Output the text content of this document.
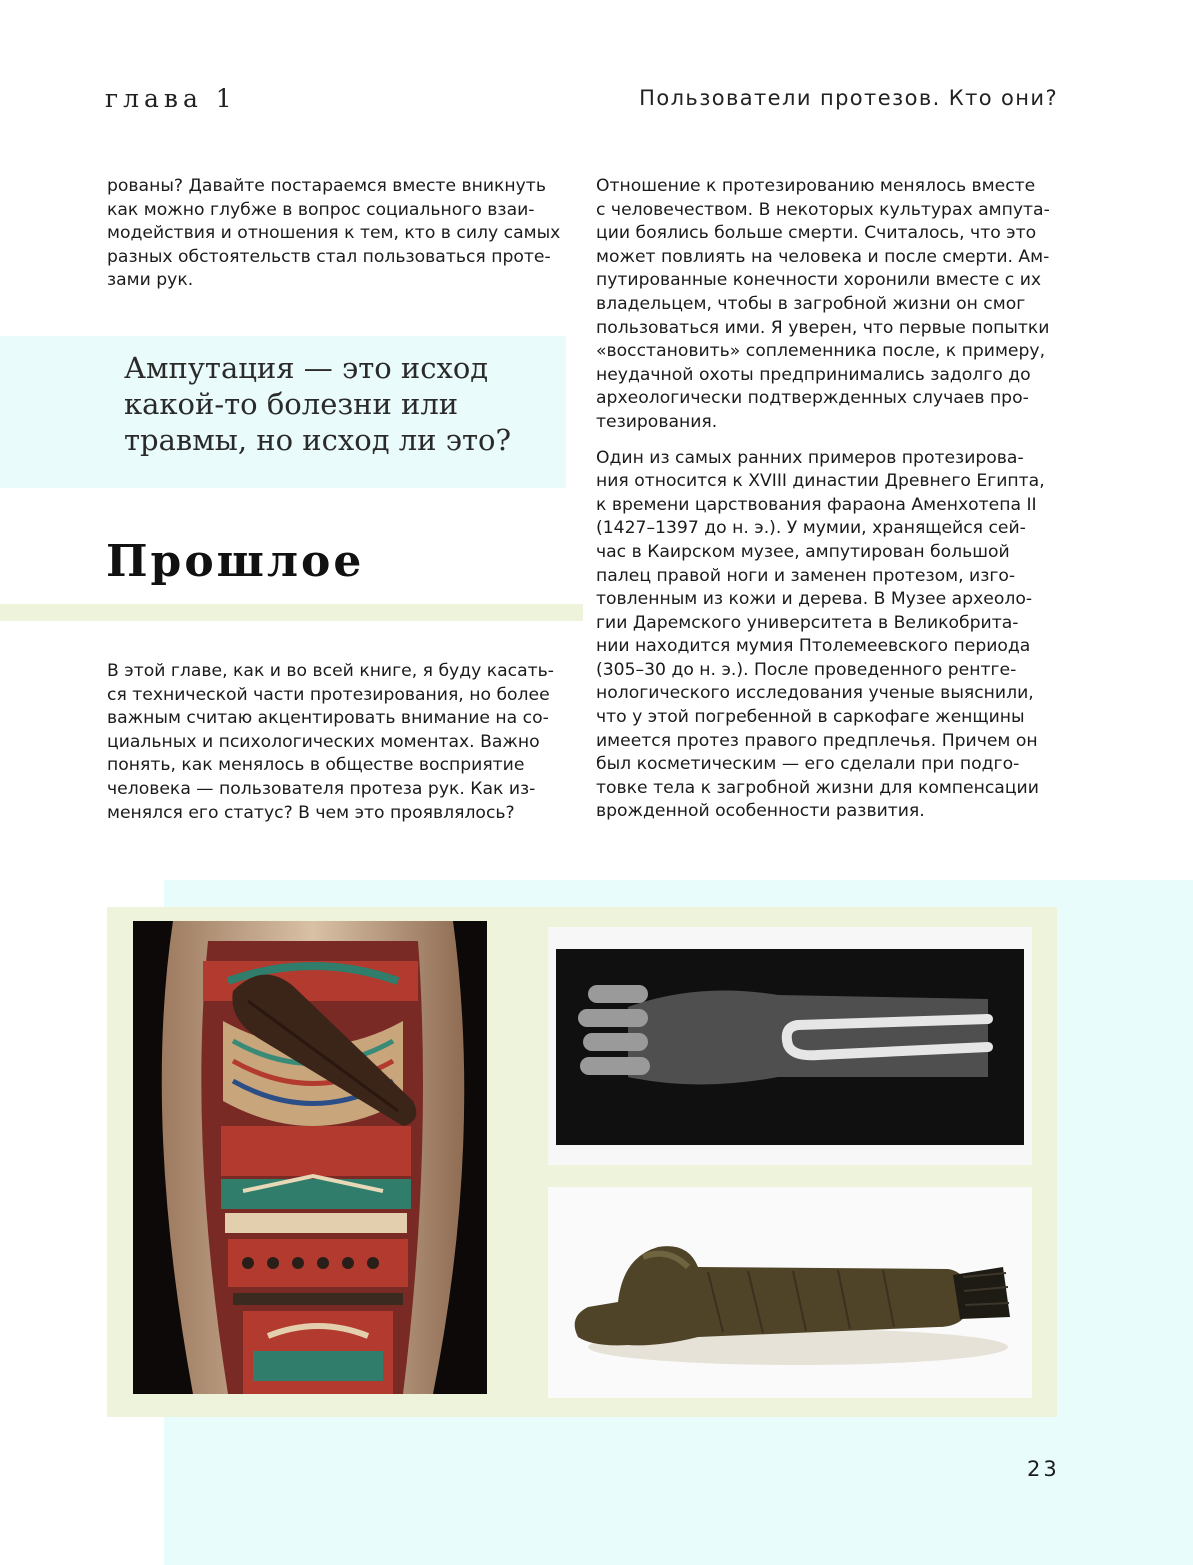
глава 1	Пользователи протезов. Кто они?

рованы? Давайте постараемся вместе вникнуть
как можно глубже в вопрос социального взаи-
модействия и отношения к тем, кто в силу самых
разных обстоятельств стал пользоваться проте-
зами рук.

Ампутация — это исход
какой-то болезни или
травмы, но исход ли это?

Прошлое

В этой главе, как и во всей книге, я буду касать-
ся технической части протезирования, но более
важным считаю акцентировать внимание на со-
циальных и психологических моментах. Важно
понять, как менялось в обществе восприятие
человека — пользователя протеза рук. Как из-
менялся его статус? В чем это проявлялось?

Отношение к протезированию менялось вместе
с человечеством. В некоторых культурах ампута-
ции боялись больше смерти. Считалось, что это
может повлиять на человека и после смерти. Ам-
путированные конечности хоронили вместе с их
владельцем, чтобы в загробной жизни он смог
пользоваться ими. Я уверен, что первые попытки
«восстановить» соплеменника после, к примеру,
неудачной охоты предпринимались задолго до
археологически подтвержденных случаев про-
тезирования.

Один из самых ранних примеров протезирова-
ния относится к XVIII династии Древнего Египта,
к времени царствования фараона Аменхотепа II
(1427–1397 до н. э.). У мумии, хранящейся сей-
час в Каирском музее, ампутирован большой
палец правой ноги и заменен протезом, изго-
товленным из кожи и дерева. В Музее археоло-
гии Даремского университета в Великобрита-
нии находится мумия Птолемеевского периода
(305–30 до н. э.). После проведенного рентге-
нологического исследования ученые выяснили,
что у этой погребенной в саркофаге женщины
имеется протез правого предплечья. Причем он
был косметическим — его сделали при подго-
товке тела к загробной жизни для компенсации
врожденной особенности развития.

23
